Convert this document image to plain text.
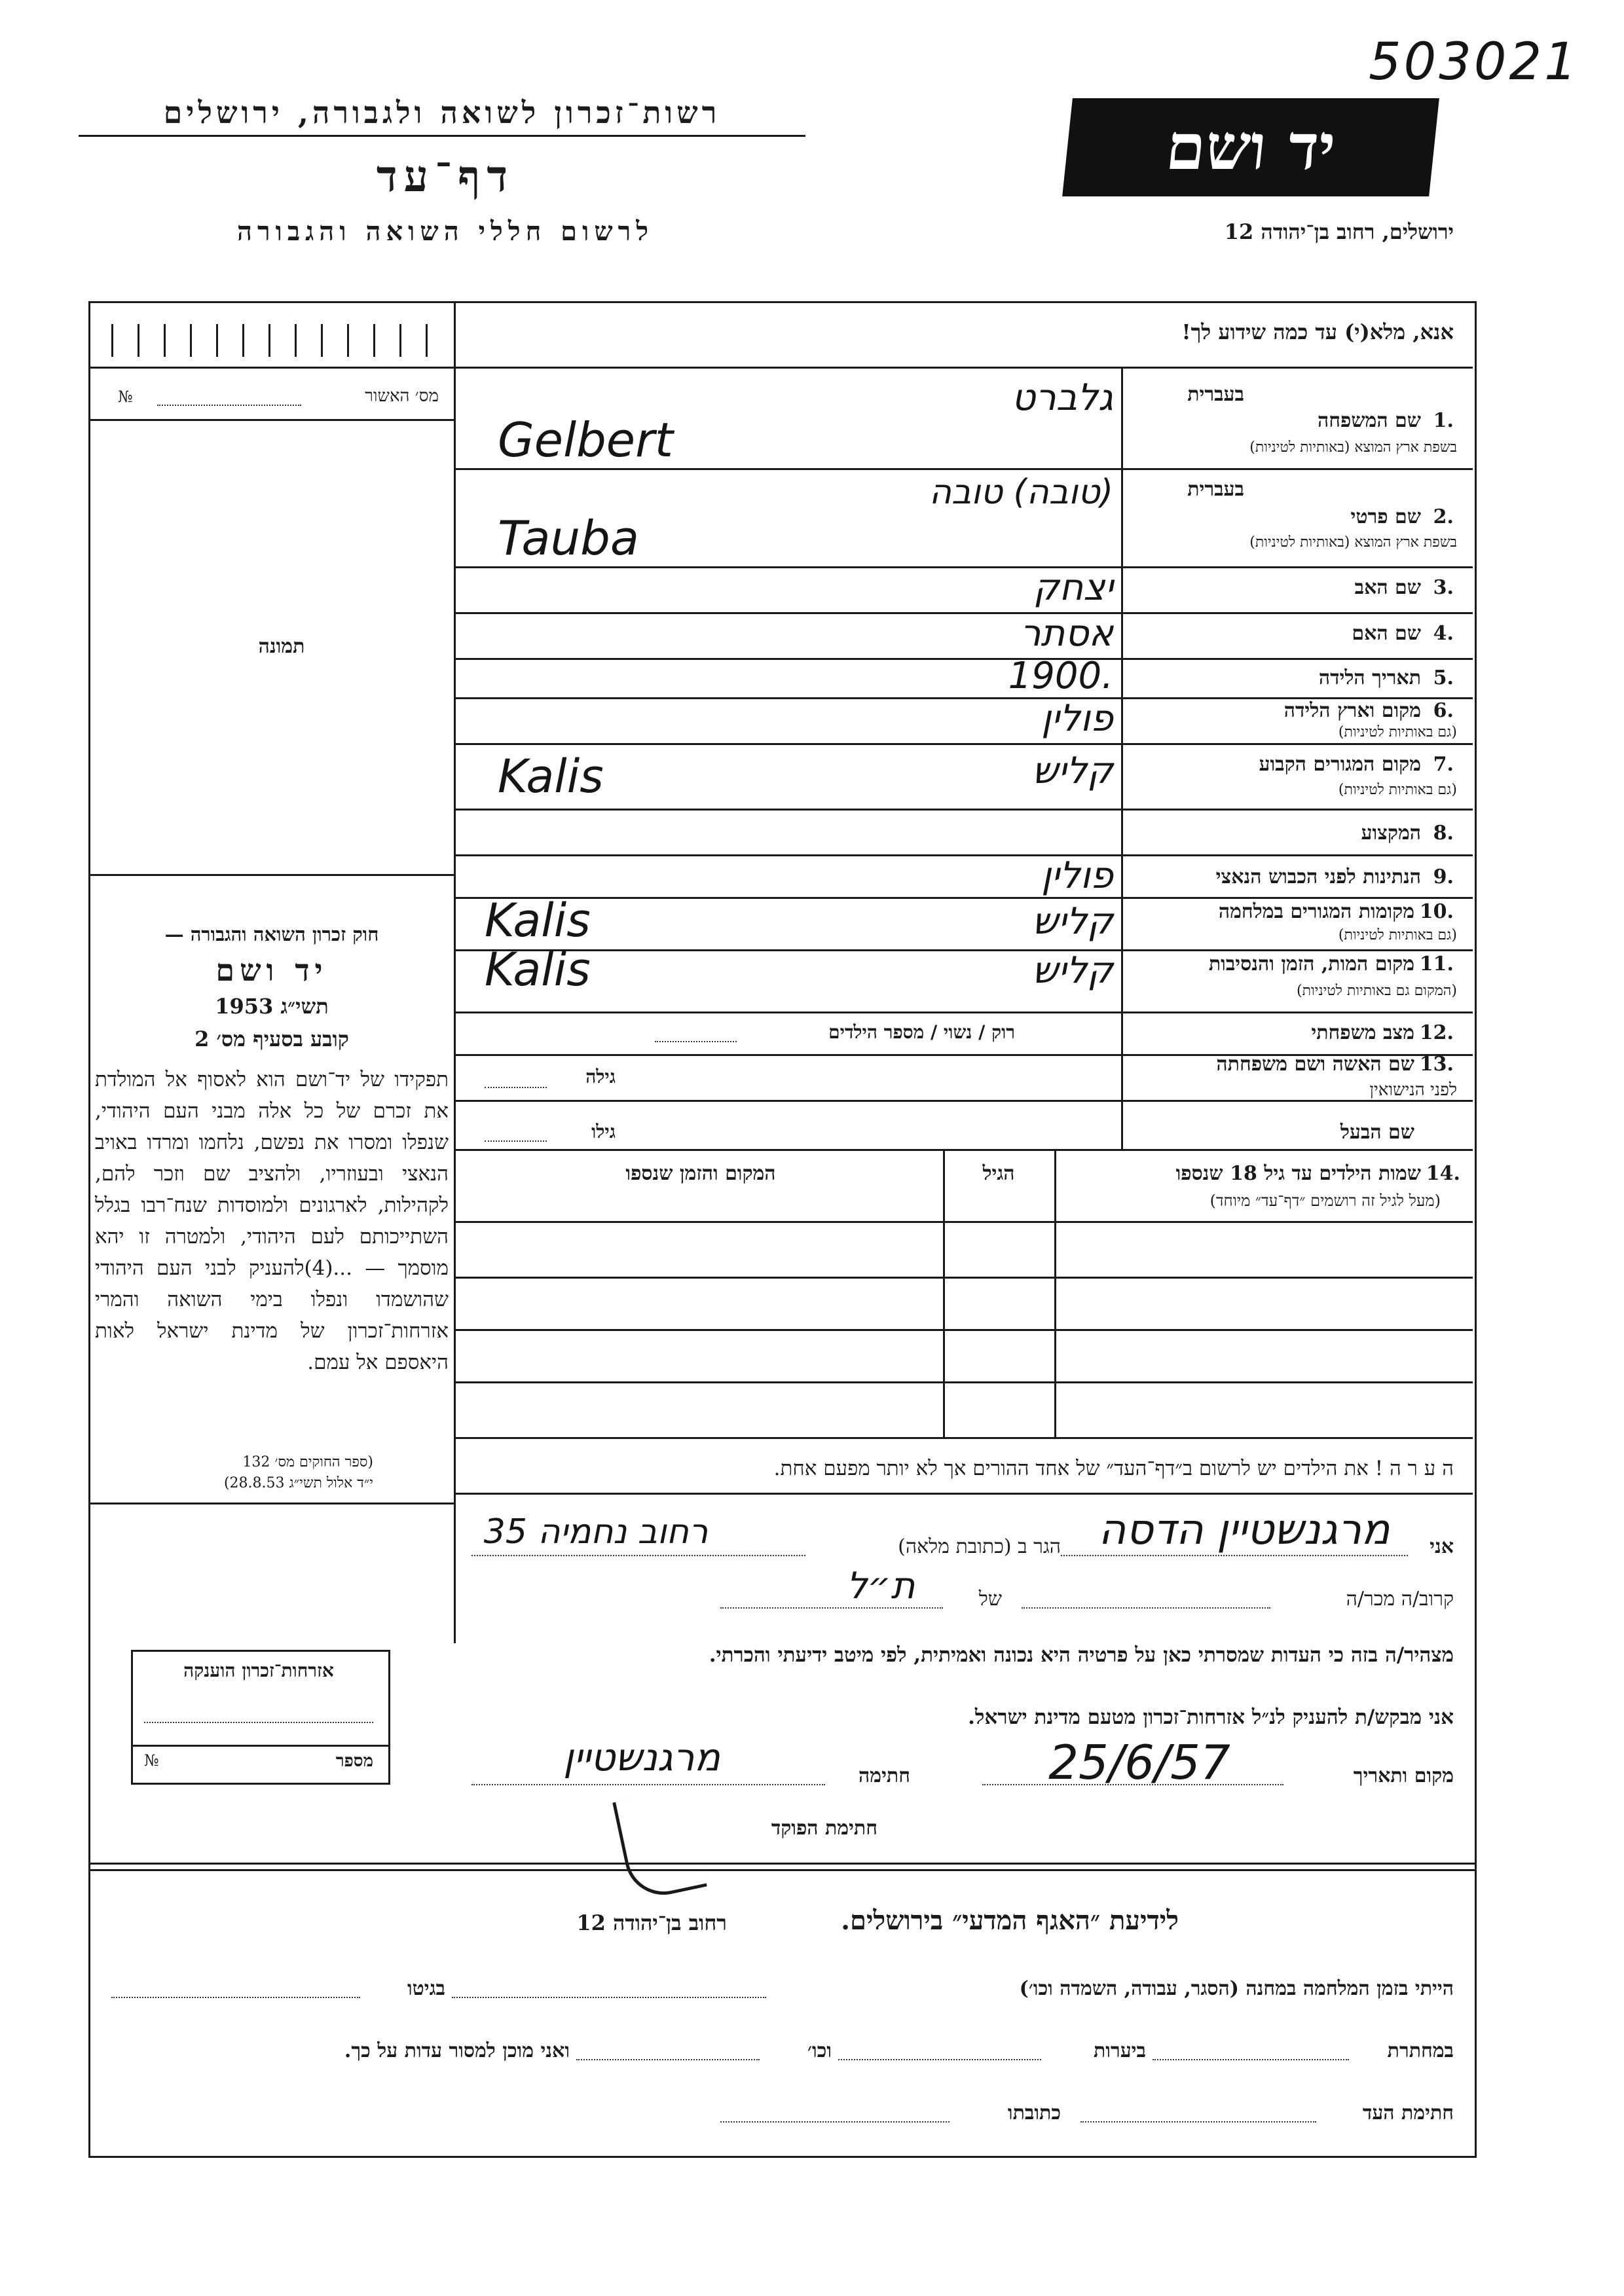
503021
רשות־זכרון לשואה ולגבורה, ירושלים
דף־עד
לרשום חללי השואה והגבורה
יד ושם
ירושלים, רחוב בן־יהודה 12
אנא, מלא(י) עד כמה שידוע לך!
מס׳ האשור
№
תמונה
חוק זכרון השואה והגבורה —
יד ושם
תשי״ג 1953
קובע בסעיף מס׳ 2
תפקידו של יד־ושם הוא לאסוף אל המולדת את זכרם של כל אלה מבני העם היהודי, שנפלו ומסרו את נפשם, נלחמו ומרדו באויב הנאצי ובעוזריו, ולהציב שם וזכר להם, לקהילות, לארגונים ולמוסדות שנח־רבו בגלל השתייכותם לעם היהודי, ולמטרה זו יהא מוסמך — ...(4)להעניק לבני העם היהודי שהושמדו ונפלו בימי השואה והמרי אזרחות־זכרון של מדינת ישראל לאות היאספם אל עמם.
(ספר החוקים מס׳ 132
י״ד אלול תשי״ג 28.8.53)
אזרחות־זכרון הוענקה
מספר
№
בעברית
1.
שם המשפחה
בשפת ארץ המוצא (באותיות לטיניות)
גלברט
Gelbert
בעברית
2.
שם פרטי
בשפת ארץ המוצא (באותיות לטיניות)
(טובה) טובה
Tauba
3.
שם האב
יצחק
4.
שם האם
אסתר
5.
תאריך הלידה
1900.
6.
מקום וארץ הלידה
(גם באותיות לטיניות)
פולין
7.
מקום המגורים הקבוע
(גם באותיות לטיניות)
קליש
Kalis
8.
המקצוע
9.
הנתינות לפני הכבוש הנאצי
פולין
10.
מקומות המגורים במלחמה
(גם באותיות לטיניות)
קליש
Kalis
11.
מקום המות, הזמן והנסיבות
(המקום גם באותיות לטיניות)
קליש
Kalis
12.
מצב משפחתי
רוק / נשוי / מספר הילדים
13.
שם האשה ושם משפחתה
לפני הנישואין
גילה
שם הבעל
גילו
14.
שמות הילדים עד גיל 18 שנספו
(מעל לגיל זה רושמים ״דף־עד״ מיוחד)
הגיל
המקום והזמן שנספו
ה ע ר ה ! את הילדים יש לרשום ב״דף־העד״ של אחד ההורים אך לא יותר מפעם אחת.
אני
מרגנשטיין הדסה
הגר ב (כתובת מלאה)
רחוב נחמיה 35
קרוב/ה מכר/ה
של
ת״ל
מצהיר/ה בזה כי העדות שמסרתי כאן על פרטיה היא נכונה ואמיתית, לפי מיטב ידיעתי והכרתי.
אני מבקש/ת להעניק לנ״ל אזרחות־זכרון מטעם מדינת ישראל.
מקום ותאריך
25/6/57
חתימה
מרגנשטיין
חתימת הפוקד
לידיעת ״האגף המדעי״ בירושלים.
רחוב בן־יהודה 12
הייתי בזמן המלחמה במחנה (הסגר, עבודה, השמדה וכו׳)
בגיטו
במחתרת
ביערות
וכו׳
ואני מוכן למסור עדות על כך.
חתימת העד
כתובתו
